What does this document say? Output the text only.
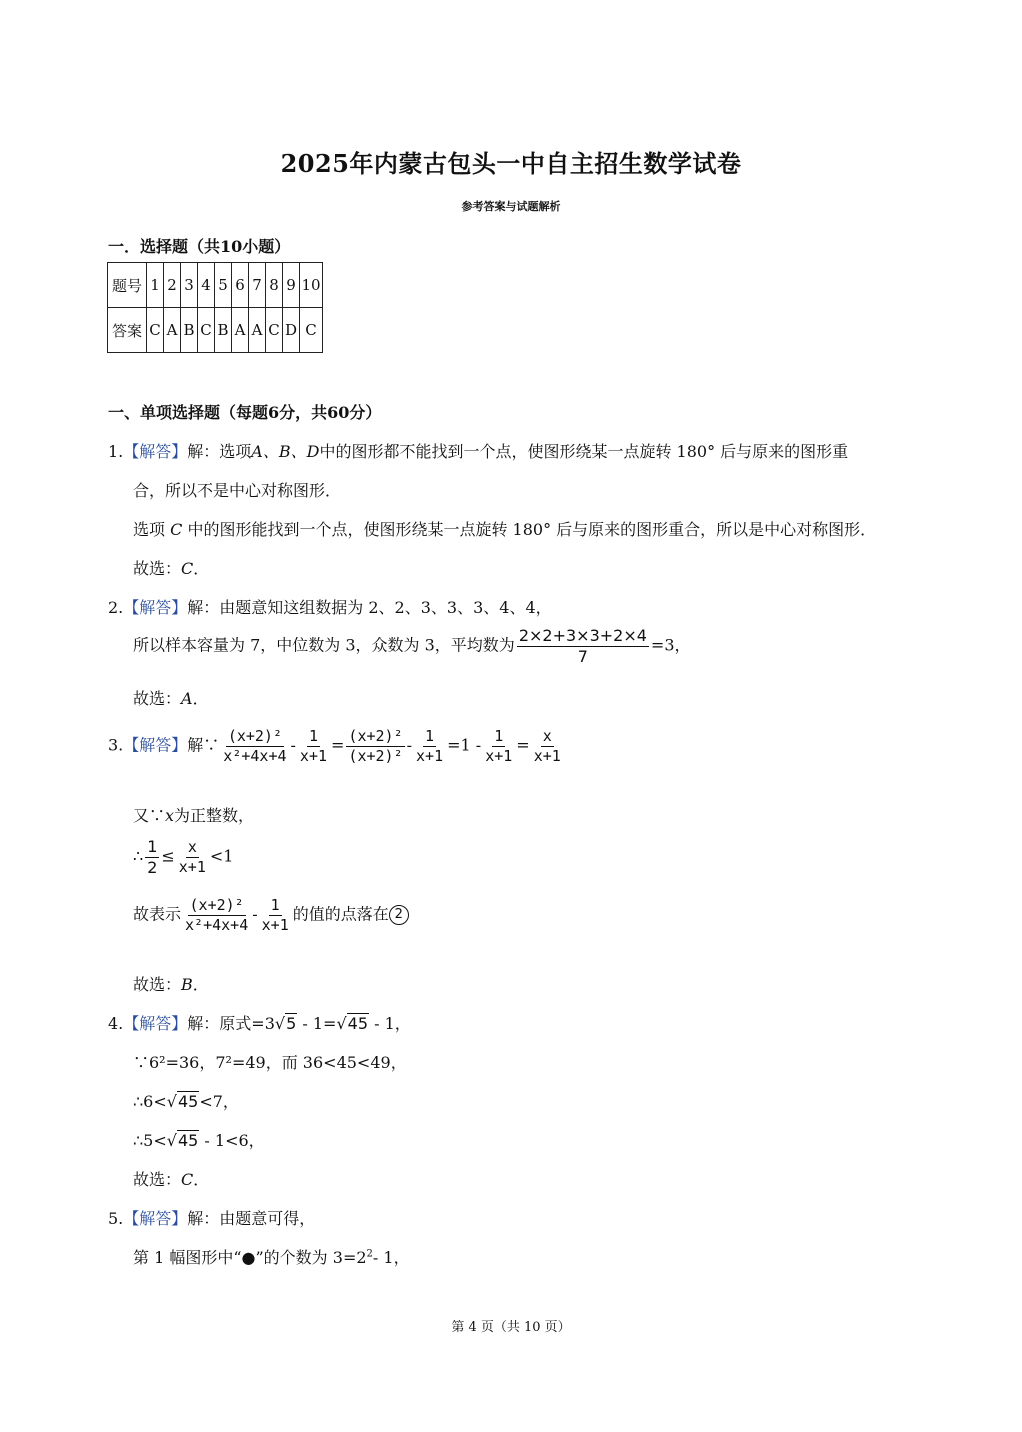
2025年内蒙古包头一中自主招生数学试卷
参考答案与试题解析
一．选择题（共10小题）
题号	1	2	3	4	5	6	7	8	9	10
答案	C	A	B	C	B	A	A	C	D	C
一、单项选择题（每题6分，共60分）
1.【解答】解：选项A、B、D中的图形都不能找到一个点，使图形绕某一点旋转 180° 后与原来的图形重
合，所以不是中心对称图形．
选项 C 中的图形能找到一个点，使图形绕某一点旋转 180° 后与原来的图形重合，所以是中心对称图形．
故选：C．
2.【解答】解：由题意知这组数据为 2、2、3、3、3、4、4，
所以样本容量为 7，中位数为 3，众数为 3，平均数为 $\frac{2\times 2+3\times 3+2\times 4}{7} =3$，
故选：A．
3.【解答】解∵ $\frac{\text{(x+2)²}}{\text{x²+4x+4}} - \frac{1}{x+1} = \frac{\text{(x+2)²}}{\text{(x+2)²}} - \frac{1}{x+1} =1 - \frac{1}{x+1} = \frac{x}{x+1}$
又∵x为正整数，
∴ $\frac{1}{2} \le \frac{x}{x+1} <1$
故表示 $\frac{\text{(x+2)²}}{\text{x²+4x+4}} - \frac{1}{x+1}$ 的值的点落在 2
故选：B．
4.【解答】解：原式=3√5 - 1=√45 - 1，
∵6²=36，7²=49，而 36<45<49，
∴6<√45<7，
∴5<√45 - 1<6，
故选：C．
5.【解答】解：由题意可得，
第 1 幅图形中“●”的个数为 $3=2^2-$ 1，
第 4 页（共 10 页）
